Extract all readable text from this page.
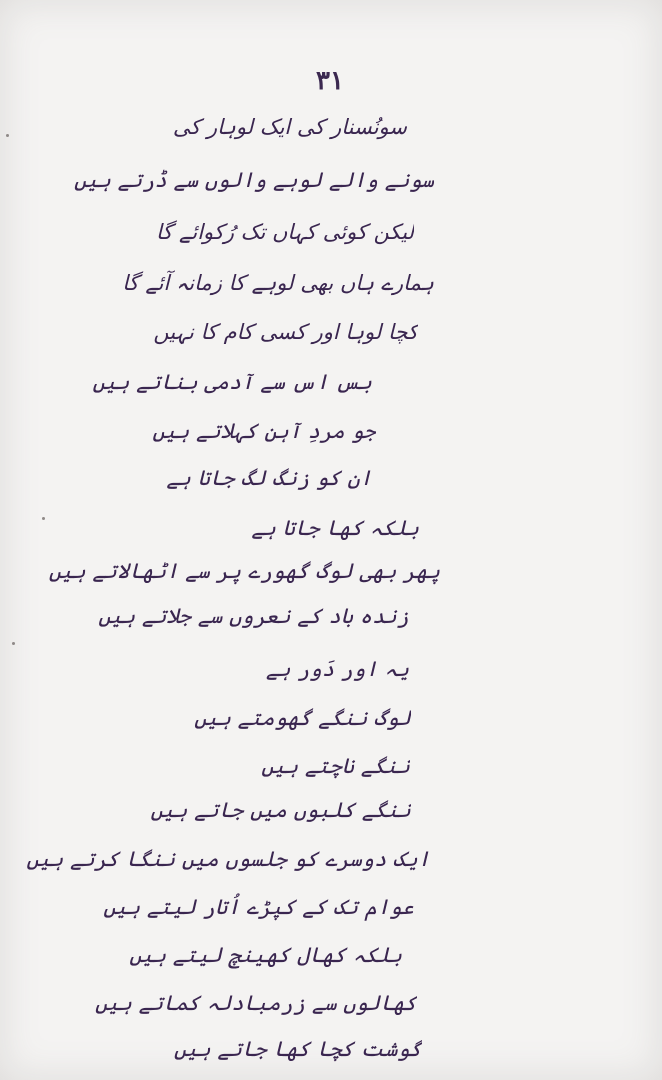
۳۱
سونُسنار کی ایک لوہار کی
سونے والے لوہے والوں سے ڈرتے ہیں
لیکن کوئی کہاں تک رُکوائے گا
ہمارے ہاں بھی لوہے کا زمانہ آئے گا
کچا لوہا اور کسی کام کا نہیں
بس اس سے آدمی بناتے ہیں
جو مردِ آہن کہلاتے ہیں
ان کو زنگ لگ جاتا ہے
بلکہ کھا جاتا ہے
پھر بھی لوگ گھورے پر سے اٹھالاتے ہیں
زندہ باد کے نعروں سے جلاتے ہیں
یہ اور دَور ہے
لوگ ننگے گھومتے ہیں
ننگے ناچتے ہیں
ننگے کلبوں میں جاتے ہیں
ایک دوسرے کو جلسوں میں ننگا کرتے ہیں
عوام تک کے کپڑے اُتار لیتے ہیں
بلکہ کھال کھینچ لیتے ہیں
کھالوں سے زرمبادلہ کماتے ہیں
گوشت کچا کھا جاتے ہیں
